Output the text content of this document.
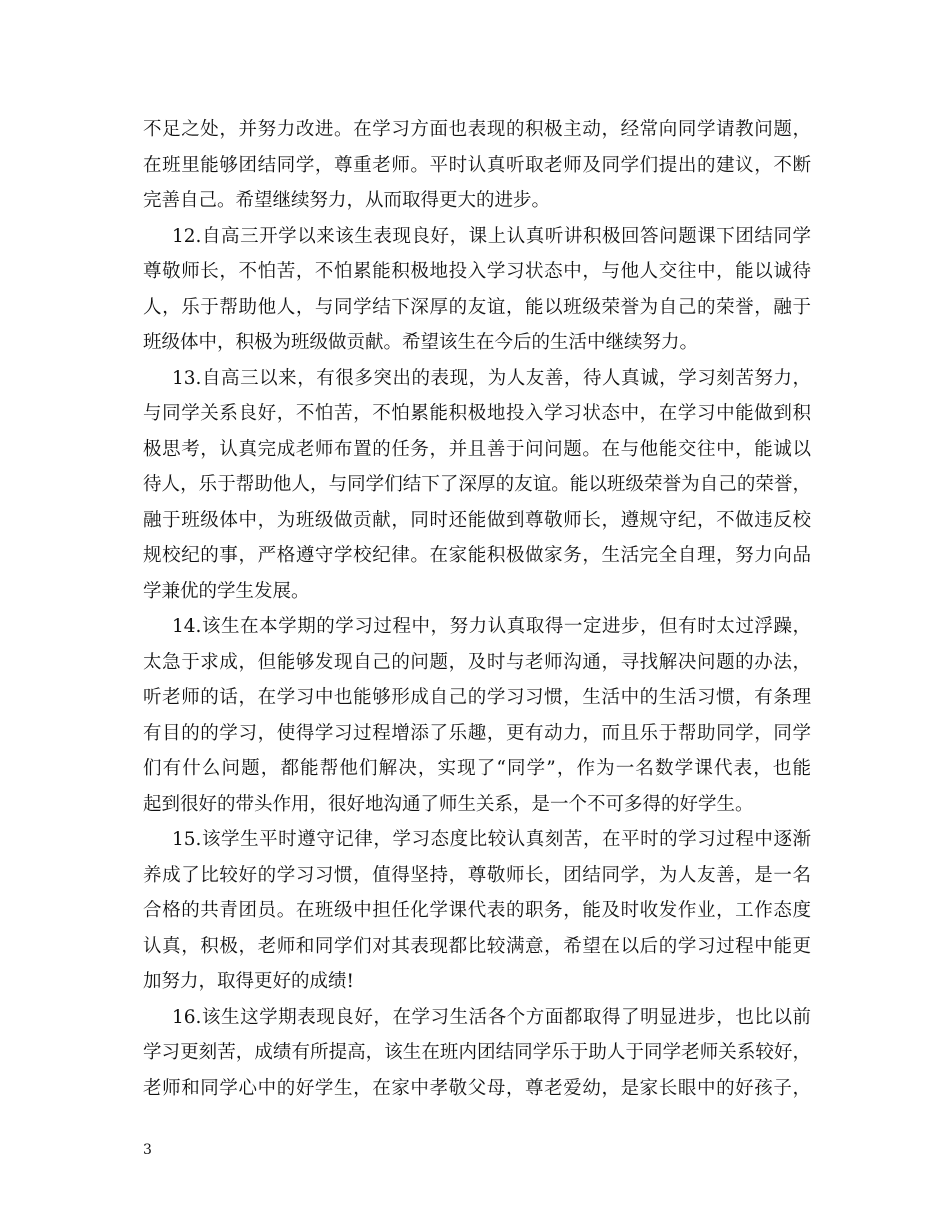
不足之处，并努力改进。在学习方面也表现的积极主动，经常向同学请教问题，
在班里能够团结同学，尊重老师。平时认真听取老师及同学们提出的建议，不断
完善自己。希望继续努力，从而取得更大的进步。
12.自高三开学以来该生表现良好，课上认真听讲积极回答问题课下团结同学
尊敬师长，不怕苦，不怕累能积极地投入学习状态中，与他人交往中，能以诚待
人，乐于帮助他人，与同学结下深厚的友谊，能以班级荣誉为自己的荣誉，融于
班级体中，积极为班级做贡献。希望该生在今后的生活中继续努力。
13.自高三以来，有很多突出的表现，为人友善，待人真诚，学习刻苦努力，
与同学关系良好，不怕苦，不怕累能积极地投入学习状态中，在学习中能做到积
极思考，认真完成老师布置的任务，并且善于问问题。在与他能交往中，能诚以
待人，乐于帮助他人，与同学们结下了深厚的友谊。能以班级荣誉为自己的荣誉，
融于班级体中，为班级做贡献，同时还能做到尊敬师长，遵规守纪，不做违反校
规校纪的事，严格遵守学校纪律。在家能积极做家务，生活完全自理，努力向品
学兼优的学生发展。
14.该生在本学期的学习过程中，努力认真取得一定进步，但有时太过浮躁，
太急于求成，但能够发现自己的问题，及时与老师沟通，寻找解决问题的办法，
听老师的话，在学习中也能够形成自己的学习习惯，生活中的生活习惯，有条理
有目的的学习，使得学习过程增添了乐趣，更有动力，而且乐于帮助同学，同学
们有什么问题，都能帮他们解决，实现了“同学”，作为一名数学课代表，也能
起到很好的带头作用，很好地沟通了师生关系，是一个不可多得的好学生。
15.该学生平时遵守记律，学习态度比较认真刻苦，在平时的学习过程中逐渐
养成了比较好的学习习惯，值得坚持，尊敬师长，团结同学，为人友善，是一名
合格的共青团员。在班级中担任化学课代表的职务，能及时收发作业，工作态度
认真，积极，老师和同学们对其表现都比较满意，希望在以后的学习过程中能更
加努力，取得更好的成绩!
16.该生这学期表现良好，在学习生活各个方面都取得了明显进步，也比以前
学习更刻苦，成绩有所提高，该生在班内团结同学乐于助人于同学老师关系较好，
老师和同学心中的好学生，在家中孝敬父母，尊老爱幼，是家长眼中的好孩子，
3
